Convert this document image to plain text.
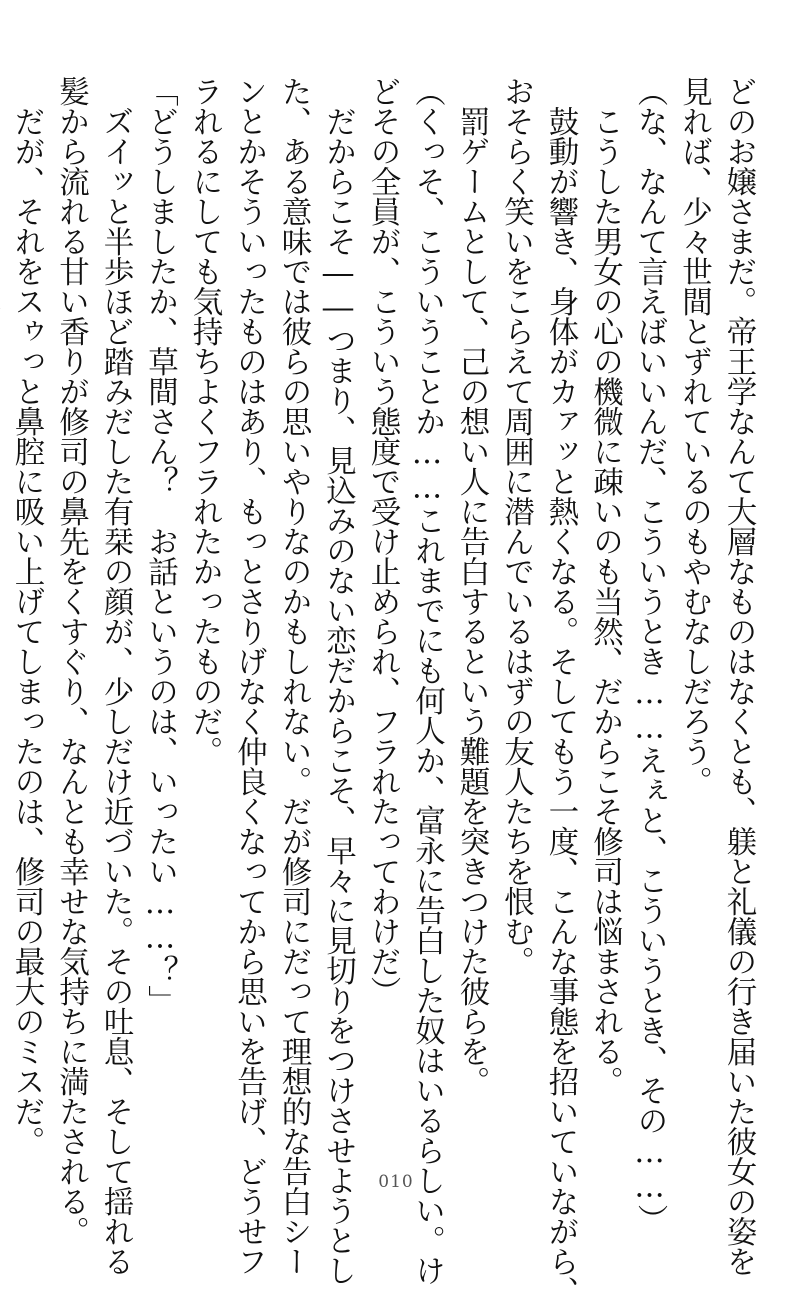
どのお嬢さまだ。帝王学なんて大層なものはなくとも、躾と礼儀の行き届いた彼女の姿を
見れば、少々世間とずれているのもやむなしだろう。
（な、なんて言えばいいんだ、こういうとき……えぇと、こういうとき、その……）
　こうした男女の心の機微に疎いのも当然、だからこそ修司は悩まされる。
　鼓動が響き、身体がカァッと熱くなる。そしてもう一度、こんな事態を招いていながら、
おそらく笑いをこらえて周囲に潜んでいるはずの友人たちを恨む。
　罰ゲームとして、己の想い人に告白するという難題を突きつけた彼らを。
（くっそ、こういうことか……これまでにも何人か、富永に告白した奴はいるらしい。け
どその全員が、こういう態度で受け止められ、フラれたってわけだ）
　だからこそ――つまり、見込みのない恋だからこそ、早々に見切りをつけさせようとし
た、ある意味では彼らの思いやりなのかもしれない。だが修司にだって理想的な告白シー
ンとかそういったものはあり、もっとさりげなく仲良くなってから思いを告げ、どうせフ
ラれるにしても気持ちよくフラれたかったものだ。
「どうしましたか、草間さん？　お話というのは、いったい……？」
　ズイッと半歩ほど踏みだした有栞の顔が、少しだけ近づいた。その吐息、そして揺れる
髪から流れる甘い香りが修司の鼻先をくすぐり、なんとも幸せな気持ちに満たされる。
　だが、それをスゥっと鼻腔に吸い上げてしまったのは、修司の最大のミスだ。
010
